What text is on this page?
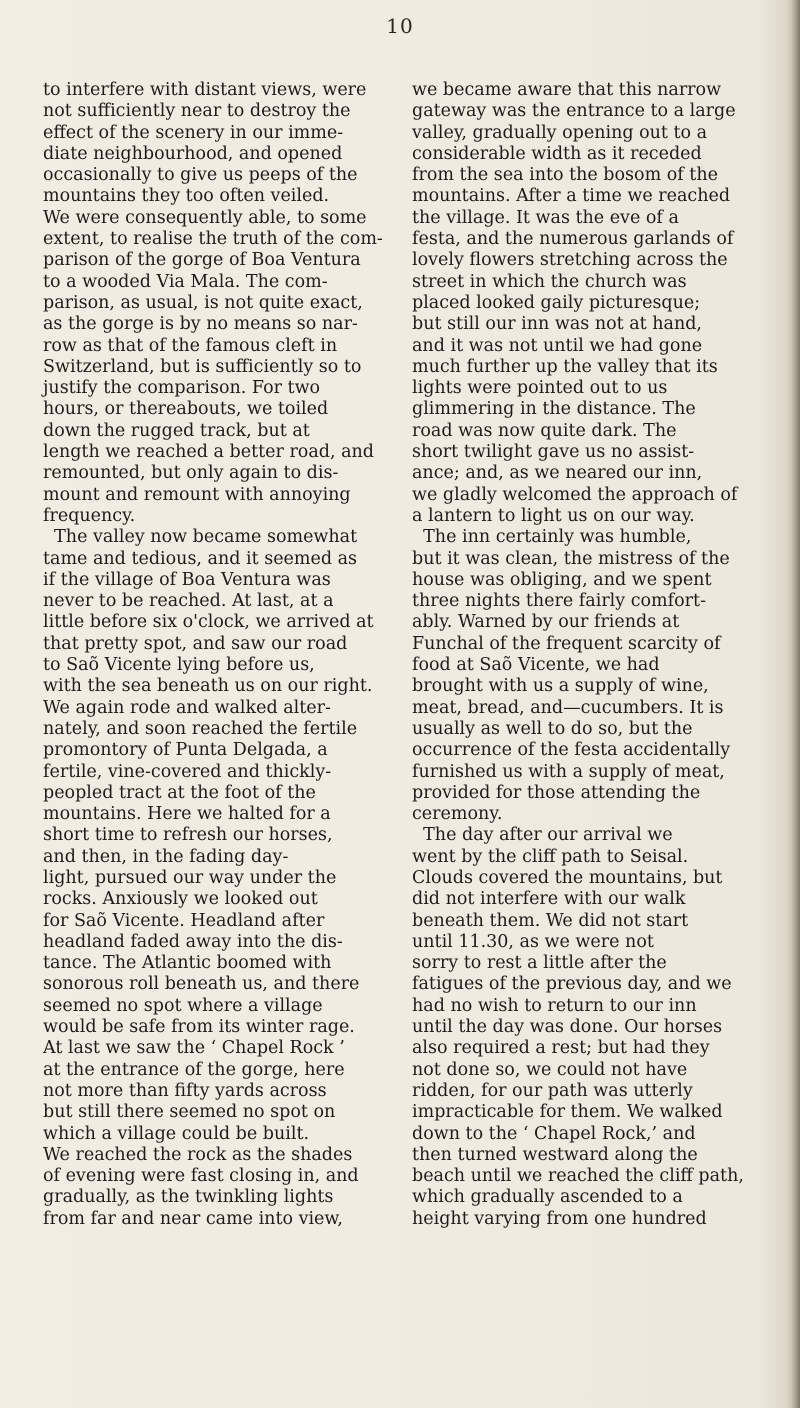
10
to interfere with distant views, were
not sufficiently near to destroy the
effect of the scenery in our imme-
diate neighbourhood, and opened
occasionally to give us peeps of the
mountains they too often veiled.
We were consequently able, to some
extent, to realise the truth of the com-
parison of the gorge of Boa Ventura
to a wooded Via Mala. The com-
parison, as usual, is not quite exact,
as the gorge is by no means so nar-
row as that of the famous cleft in
Switzerland, but is sufficiently so to
justify the comparison. For two
hours, or thereabouts, we toiled
down the rugged track, but at
length we reached a better road, and
remounted, but only again to dis-
mount and remount with annoying
frequency.
The valley now became somewhat
tame and tedious, and it seemed as
if the village of Boa Ventura was
never to be reached. At last, at a
little before six o'clock, we arrived at
that pretty spot, and saw our road
to Saõ Vicente lying before us,
with the sea beneath us on our right.
We again rode and walked alter-
nately, and soon reached the fertile
promontory of Punta Delgada, a
fertile, vine-covered and thickly-
peopled tract at the foot of the
mountains. Here we halted for a
short time to refresh our horses,
and then, in the fading day-
light, pursued our way under the
rocks. Anxiously we looked out
for Saõ Vicente. Headland after
headland faded away into the dis-
tance. The Atlantic boomed with
sonorous roll beneath us, and there
seemed no spot where a village
would be safe from its winter rage.
At last we saw the ‘ Chapel Rock ’
at the entrance of the gorge, here
not more than fifty yards across
but still there seemed no spot on
which a village could be built.
We reached the rock as the shades
of evening were fast closing in, and
gradually, as the twinkling lights
from far and near came into view,
we became aware that this narrow
gateway was the entrance to a large
valley, gradually opening out to a
considerable width as it receded
from the sea into the bosom of the
mountains. After a time we reached
the village. It was the eve of a
festa, and the numerous garlands of
lovely flowers stretching across the
street in which the church was
placed looked gaily picturesque;
but still our inn was not at hand,
and it was not until we had gone
much further up the valley that its
lights were pointed out to us
glimmering in the distance. The
road was now quite dark. The
short twilight gave us no assist-
ance; and, as we neared our inn,
we gladly welcomed the approach of
a lantern to light us on our way.
The inn certainly was humble,
but it was clean, the mistress of the
house was obliging, and we spent
three nights there fairly comfort-
ably. Warned by our friends at
Funchal of the frequent scarcity of
food at Saõ Vicente, we had
brought with us a supply of wine,
meat, bread, and—cucumbers. It is
usually as well to do so, but the
occurrence of the festa accidentally
furnished us with a supply of meat,
provided for those attending the
ceremony.
The day after our arrival we
went by the cliff path to Seisal.
Clouds covered the mountains, but
did not interfere with our walk
beneath them. We did not start
until 11.30, as we were not
sorry to rest a little after the
fatigues of the previous day, and we
had no wish to return to our inn
until the day was done. Our horses
also required a rest; but had they
not done so, we could not have
ridden, for our path was utterly
impracticable for them. We walked
down to the ‘ Chapel Rock,’ and
then turned westward along the
beach until we reached the cliff path,
which gradually ascended to a
height varying from one hundred
